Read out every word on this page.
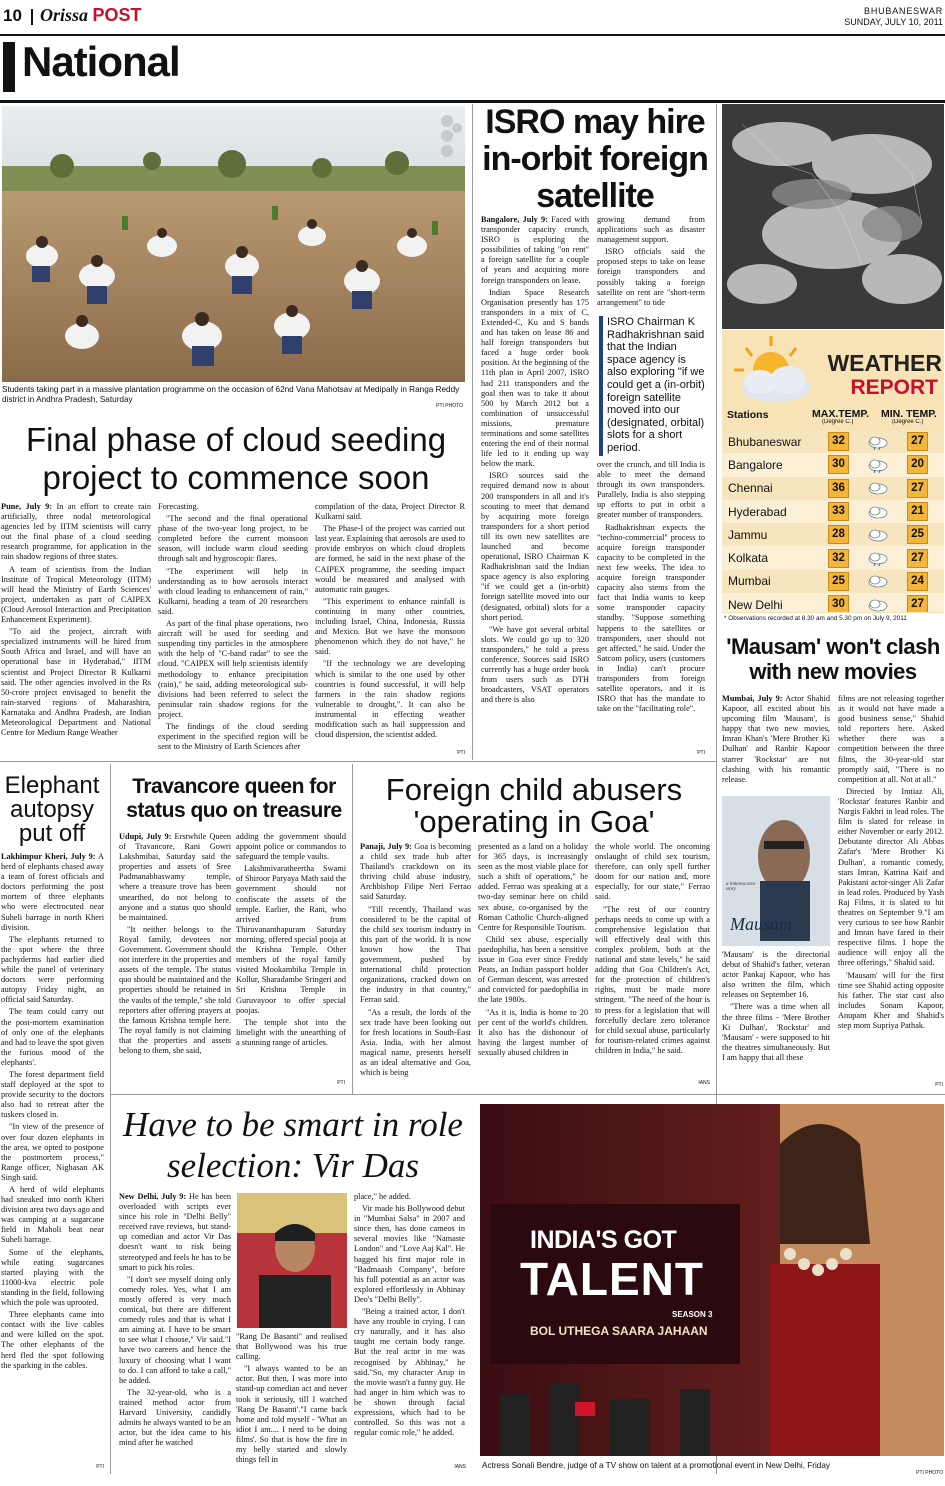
10 Orissa POST	BHUBANESWAR
SUNDAY, JULY 10, 2011
National
Students taking part in a massive plantation programme on the occasion of 62nd Vana Mahotsav at Medipally in Ranga Reddy district in Andhra Pradesh, Saturday
PTI PHOTO
ISRO may hire in-orbit foreign satellite

Bangalore, July 9: Faced with transponder capacity crunch, ISRO is exploring the possibilities of taking "on rent" a foreign satellite for a couple of years and acquiring more foreign transponders on lease.

Indian Space Research Organisation presently has 175 transponders in a mix of C, Extended-C, Ku and S bands and has taken on lease 86 and half foreign transponders but faced a huge order book position. At the beginning of the 11th plan in April 2007, ISRO had 211 transponders and the goal then was to take it about 500 by March 2012 but a combination of unsuccessful missions, premature terminations and some satellites entering the end of their normal life led to it ending up way below the mark.

ISRO sources said the required demand now is about 200 transponders in all and it's scouting to meet that demand by acquiring more foreign transponders for a short period till its own new satellites are launched and become operational, ISRO Chairman K Radhakrishnan said the Indian space agency is also exploring "if we could get a (in-orbit) foreign satellite moved into our (designated, orbital) slots for a short period.

"We have got several orbital slots. We could go up to 320 transponders," he told a press conference. Sources said ISRO currently has a huge order book from users such as DTH broadcasters, VSAT operators and there is also

growing demand from applications such as disaster management support.

ISRO officials said the proposed steps to take on lease foreign transponders and possibly taking a foreign satellite on rent are "short-term arrangement" to tide

ISRO Chairman K Radhakrishnan said that the Indian space agency is also exploring "if we could get a (in-orbit) foreign satellite moved into our (designated, orbital) slots for a short period.

over the crunch, and till India is able to meet the demand through its own transponders. Parallely, India is also stepping up efforts to put in orbit a greater number of transponders.

Radhakrishnan expects the "techno-commercial" process to acquire foreign transponder capacity to be completed in the next few weeks. The idea to acquire foreign transponder capacity also stems from the fact that India wants to keep some transponder capacity standby. "Suppose something happens to the satellites or transponders, user should not get affected," he said. Under the Satcom policy, users (customers in India) can't procure transponders from foreign satellite operators, and it is ISRO that has the mandate to take on the "facilitating role".

PTI
WEATHER
REPORT
Stations	MAX.TEMP.
(Degree C.)
MIN. TEMP.
(Degree C.)
Bhubaneswar	32	27
Bangalore	30	20
Chennai	36	27
Hyderabad	33	21
Jammu	28	25
Kolkata	32	27
Mumbai	25	24
New Delhi	30	27
* Observations recorded at 8.30 am and 5.30 pm on July 9, 2011
Final phase of cloud seeding project to commence soon

Pune, July 9: In an effort to create rain artificially, three nodal meteorological agencies led by IITM scientists will carry out the final phase of a cloud seeding research programme, for application in the rain shadow regions of three states.

A team of scientists from the Indian Institute of Tropical Meteorology (IITM) will head the Ministry of Earth Sciences' project, undertaken as part of CAIPEX (Cloud Aerosol Interaction and Precipitation Enhancement Experiment).

"To aid the project, aircraft with specialized instruments will be hired from South Africa and Israel, and will have an operational base in Hyderabad," IITM scientist and Project Director R Kulkarni said. The other agencies involved in the Rs 50-crore project envisaged to benefit the rain-starved regions of Maharashtra, Karnataka and Andhra Pradesh, are Indian Meteorological Department and National Centre for Medium Range Weather

Forecasting.

"The second and the final operational phase of the two-year long project, to be completed before the current monsoon season, will include warm cloud seeding through salt and hygroscopic flares.

"The experiment will help in understanding as to how aerosols interact with cloud leading to enhancement of rain," Kulkarni, heading a team of 20 researchers said.

As part of the final phase operations, two aircraft will be used for seeding and suspending tiny particles in the atmosphere with the help of "C-band radar" to see the cloud. "CAIPEX will help scientists identify methodology to enhance precipitation (rain)," he said, adding meteorological sub-divisions had been referred to select the peninsular rain shadow regions for the project.

The findings of the cloud seeding experiment in the specified region will be sent to the Ministry of Earth Sciences after

compilation of the data, Project Director R Kulkarni said.

The Phase-I of the project was carried out last year. Explaining that aerosols are used to provide embryos on which cloud droplets are formed, he said in the next phase of the CAIPEX programme, the seeding impact would be measured and analysed with automatic rain gauges.

"This experiment to enhance rainfall is continuing in many other countries, including Israel, China, Indonesia, Russia and Mexico. But we have the monsoon phenomenon which they do not have," he said.

"If the technology we are developing which is similar to the one used by other countries is found successful, it will help farmers in the rain shadow regions vulnerable to drought,". It can also be instrumental in effecting weather modification such as hail suppression and cloud dispersion, the scientist added.

PTI
'Mausam' won't clash with new movies

Mumbai, July 9: Actor Shahid Kapoor, all excited about his upcoming film 'Mausam', is happy that two new movies, Imran Khan's 'Mere Brother Ki Dulhan' and Ranbir Kapoor starrer 'Rockstar' are not clashing with his romantic release.

a timeless love story
Mausam

'Mausam' is the directorial debut of Shahid's father, veteran actor Pankaj Kapoor, who has also written the film, which releases on September 16.

"There was a time when all the three films - 'Mere Brother Ki Dulhan', 'Rockstar' and 'Mausam' - were supposed to hit the theatres simultaneously. But I am happy that all these

films are not releasing together as it would not have made a good business sense," Shahid told reporters here. Asked whether there was a competition between the three films, the 30-year-old star promptly said, "There is no competition at all. Not at all."

Directed by Imtiaz Ali, 'Rockstar' features Ranbir and Nargis Fakhri in lead roles. The film is slated for release in either November or early 2012. Debutante director Ali Abbas Zafar's 'Mere Brother Ki Dulhan', a romantic comedy, stars Imran, Katrina Kaif and Pakistani actor-singer Ali Zafar in lead roles. Produced by Yash Raj Films, it is slated to hit theatres on September 9."I am very curious to see how Ranbir and Imran have fared in their respective films. I hope the audience will enjoy all the three offerings," Shahid said.

'Mausam' will for the first time see Shahid acting opposite his father. The star cast also includes Sonam Kapoor, Anupam Kher and Shahid's step mom Supriya Pathak.

PTI
Elephant autopsy put off

Lakhimpur Kheri, July 9: A herd of elephants chased away a team of forest officials and doctors performing the post mortem of three elephants who were electrocuted near Suheli barrage in north Kheri division.

The elephants returned to the spot where the three pachyderms had earlier died while the panel of veterinary doctors were performing autopsy Friday night, an official said Saturday.

The team could carry out the post-mortem examination of only one of the elephants and had to leave the spot given the furious mood of the elephants'.

The forest department field staff deployed at the spot to provide security to the doctors also had to retreat after the tuskers closed in.

"In view of the presence of over four dozen elephants in the area, we opted to postpone the postmortem process," Range officer, Nighasan AK Singh said.

A herd of wild elephants had sneaked into north Kheri division area two days ago and was camping at a sugarcane field in Maholi beat near Suheli barrage.

Some of the elephants, while eating sugarcanes started playing with the 11000-kva electric pole standing in the field, following which the pole was uprooted.

Three elephants came into contact with the live cables and were killed on the spot. The other elephants of the herd fled the spot following the sparking in the cables.

PTI
Travancore queen for status quo on treasure

Udupi, July 9: Erstwhile Queen of Travancore, Rani Gowri Lakshmibai, Saturday said the properties and assets of Sree Padmanabhaswamy temple, where a treasure trove has been unearthed, do not belong to anyone and a status quo should be maintained.

"It neither belongs to the Royal family, devotees nor Government. Government should not interfere in the properties and assets of the temple. The status quo should be maintained and the properties should be retained in the vaults of the temple," she told reporters after offering prayers at the famous Krishna temple here. The royal family is not claiming that the properties and assets belong to them, she said,

adding the government should appoint police or commandos to safeguard the temple vaults.

Lakshmivaratheertha Swami of Shiroor Paryaya Math said the government should not confiscate the assets of the temple. Earlier, the Rani, who arrived from Thiruvananthapuram Saturday morning, offered special pooja at the Krishna Temple. Other members of the royal family visited Mookambika Temple in Kollur, Sharadambe Sringeri and Sri Krishna Temple in Guruvayoor to offer special poojas.

The temple shot into the limelight with the unearthing of a stunning range of articles.

PTI
Foreign child abusers 'operating in Goa'

Panaji, July 9: Goa is becoming a child sex trade hub after Thailand's crackdown on its thriving child abuse industry, Archbishop Filipe Neri Ferrao said Saturday.

"Till recently, Thailand was considered to be the capital of the child sex tourism industry in this part of the world. It is now known how the Thai government, pushed by international child protection organizations, cracked down on the industry in that country," Ferrao said.

"As a result, the lords of the sex trade have been looking out for fresh locations in South-East Asia. India, with her almost magical name, presents herself as an ideal alternative and Goa, which is being

presented as a land on a holiday for 365 days, is increasingly seen as the most viable place for such a shift of operations," he added. Ferrao was speaking at a two-day seminar here on child sex abuse, co-organised by the Roman Catholic Church-aligned Centre for Responsible Tourism.

Child sex abuse, especially paedophilia, has been a sensitive issue in Goa ever since Freddy Peats, an Indian passport holder of German descent, was arrested and convicted for paedophilia in the late 1980s.

"As it is, India is home to 20 per cent of the world's children. It also has the dishonour of having the largest number of sexually abused children in

the whole world. The oncoming onslaught of child sex tourism, therefore, can only spell further doom for our nation and, more especially, for our state," Ferrao said.

"The rest of our country perhaps needs to come up with a comprehensive legislation that will effectively deal with this complex problem, both at the national and state levels," he said adding that Goa Children's Act, for the protection of children's rights, must be made more stringent. "The need of the hour is to press for a legislation that will forcefully declare zero tolerance for child sexual abuse, particularly for tourism-related crimes against children in India," he said.

IANS
Have to be smart in role selection: Vir Das

New Delhi, July 9: He has been overloaded with scripts ever since his role in "Delhi Belly" received rave reviews, but stand-up comedian and actor Vir Das doesn't want to risk being stereotyped and feels he has to be smart to pick his roles.

"I don't see myself doing only comedy roles. Yes, what I am mostly offered is very much comical, but there are different comedy roles and that is what I am aiming at. I have to be smart to see what I choose," Vir said."I have two careers and hence the luxury of choosing what I want to do. I can afford to take a call," he added.

The 32-year-old, who is a trained method actor from Harvard University, candidly admits he always wanted to be an actor, but the idea came to his mind after he watched

"Rang De Basanti" and realised that Bollywood was his true calling.

"I always wanted to be an actor. But then, I was more into stand-up comedian act and never took it seriously, till I watched 'Rang De Basanti'."I came back home and told myself - 'What an idiot I am.... I need to be doing films'. So that is how the fire in my belly started and slowly things fell in

place," he added.

Vir made his Bollywood debut in "Mumbai Salsa" in 2007 and since then, has done cameos in several movies like "Namaste London" and "Love Aaj Kal". He bagged his first major role in "Badmaash Company", before his full potential as an actor was explored effortlessly in Abhinay Deo's "Delhi Belly".

"Being a trained actor, I don't have any trouble in crying. I can cry naturally, and it has also taught me certain body range. But the real actor in me was recognised by Abhinay," he said."So, my character Arup in the movie wasn't a funny guy. He had anger in him which was to be shown through facial expressions, which had to be controlled. So this was not a regular comic role," he added.

IANS
INDIA'S GOT
TALENT
SEASON 3
BOL UTHEGA SAARA JAHAAN
Actress Sonali Bendre, judge of a TV show on talent at a promotional event in New Delhi, Friday
PTI PHOTO
